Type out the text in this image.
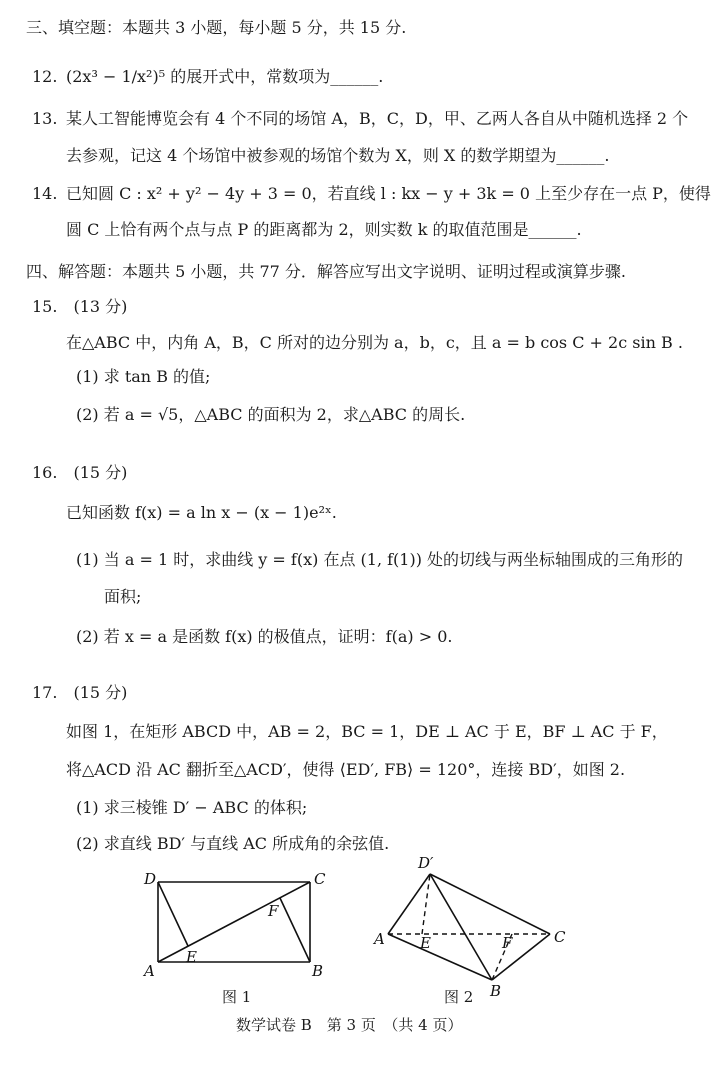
三、填空题：本题共 3 小题，每小题 5 分，共 15 分.
12. (2x³ − 1/x²)⁵ 的展开式中，常数项为______.
13. 某人工智能博览会有 4 个不同的场馆 A，B，C，D，甲、乙两人各自从中随机选择 2 个
去参观，记这 4 个场馆中被参观的场馆个数为 X，则 X 的数学期望为______.
14. 已知圆 C : x² + y² − 4y + 3 = 0，若直线 l : kx − y + 3k = 0 上至少存在一点 P，使得
圆 C 上恰有两个点与点 P 的距离都为 2，则实数 k 的取值范围是______.
四、解答题：本题共 5 小题，共 77 分．解答应写出文字说明、证明过程或演算步骤.
15.　(13 分)
在△ABC 中，内角 A，B，C 所对的边分别为 a，b，c，且 a = b cos C + 2c sin B .
(1) 求 tan B 的值;
(2) 若 a = √5，△ABC 的面积为 2，求△ABC 的周长.
16.　(15 分)
已知函数 f(x) = a ln x − (x − 1)e²ˣ.
(1) 当 a = 1 时，求曲线 y = f(x) 在点 (1, f(1)) 处的切线与两坐标轴围成的三角形的
面积;
(2) 若 x = a 是函数 f(x) 的极值点，证明：f(a) > 0.
17.　(15 分)
如图 1，在矩形 ABCD 中，AB = 2，BC = 1，DE ⊥ AC 于 E，BF ⊥ AC 于 F，
将△ACD 沿 AC 翻折至△ACD′，使得 ⟨ED′, FB⟩ = 120°，连接 BD′，如图 2.
(1) 求三棱锥 D′ − ABC 的体积;
(2) 求直线 BD′ 与直线 AC 所成角的余弦值.
D	C
A	B
E
F
图 1
D′
A	C
B
E	F
图 2
数学试卷 B　第 3 页　（共 4 页）
